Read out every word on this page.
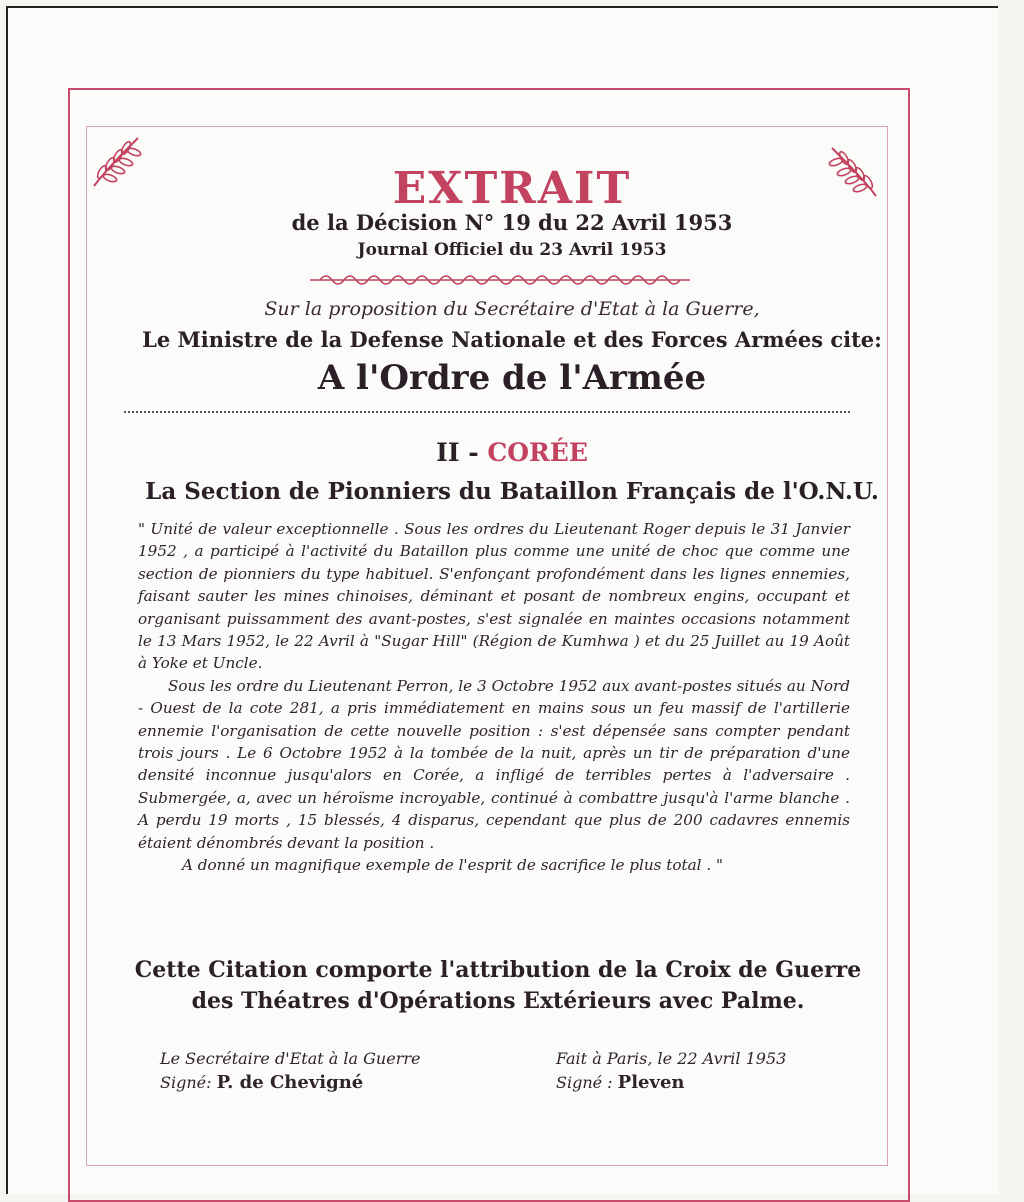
EXTRAIT
de la Décision N° 19 du 22 Avril 1953
Journal Officiel du 23 Avril 1953
Sur la proposition du Secrétaire d'Etat à la Guerre,
Le Ministre de la Defense Nationale et des Forces Armées cite:
A l'Ordre de l'Armée
II - CORÉE
La Section de Pionniers du Bataillon Français de l'O.N.U.

" Unité de valeur exceptionnelle . Sous les ordres du Lieutenant Roger depuis le 31 Janvier 1952 , a participé à l'activité du Bataillon plus comme une unité de choc que comme une section de pionniers du type habituel. S'enfonçant profondément dans les lignes ennemies, faisant sauter les mines chinoises, déminant et posant de nombreux engins, occupant et organisant puissamment des avant-postes, s'est signalée en maintes occasions notamment le 13 Mars 1952, le 22 Avril à "Sugar Hill" (Région de Kumhwa ) et du 25 Juillet au 19 Août à Yoke et Uncle.

Sous les ordre du Lieutenant Perron, le 3 Octobre 1952 aux avant-postes situés au Nord - Ouest de la cote 281, a pris immédiatement en mains sous un feu massif de l'artillerie ennemie l'organisation de cette nouvelle position : s'est dépensée sans compter pendant trois jours . Le 6 Octobre 1952 à la tombée de la nuit, après un tir de préparation d'une densité inconnue jusqu'alors en Corée, a infligé de terribles pertes à l'adversaire . Submergée, a, avec un héroïsme incroyable, continué à combattre jusqu'à l'arme blanche . A perdu 19 morts , 15 blessés, 4 disparus, cependant que plus de 200 cadavres ennemis étaient dénombrés devant la position .

A donné un magnifique exemple de l'esprit de sacrifice le plus total . "

Cette Citation comporte l'attribution de la Croix de Guerre des Théatres d'Opérations Extérieurs avec Palme.
Le Secrétaire d'Etat à la Guerre
Signé: P. de Chevigné
Fait à Paris, le 22 Avril 1953
Signé : Pleven
